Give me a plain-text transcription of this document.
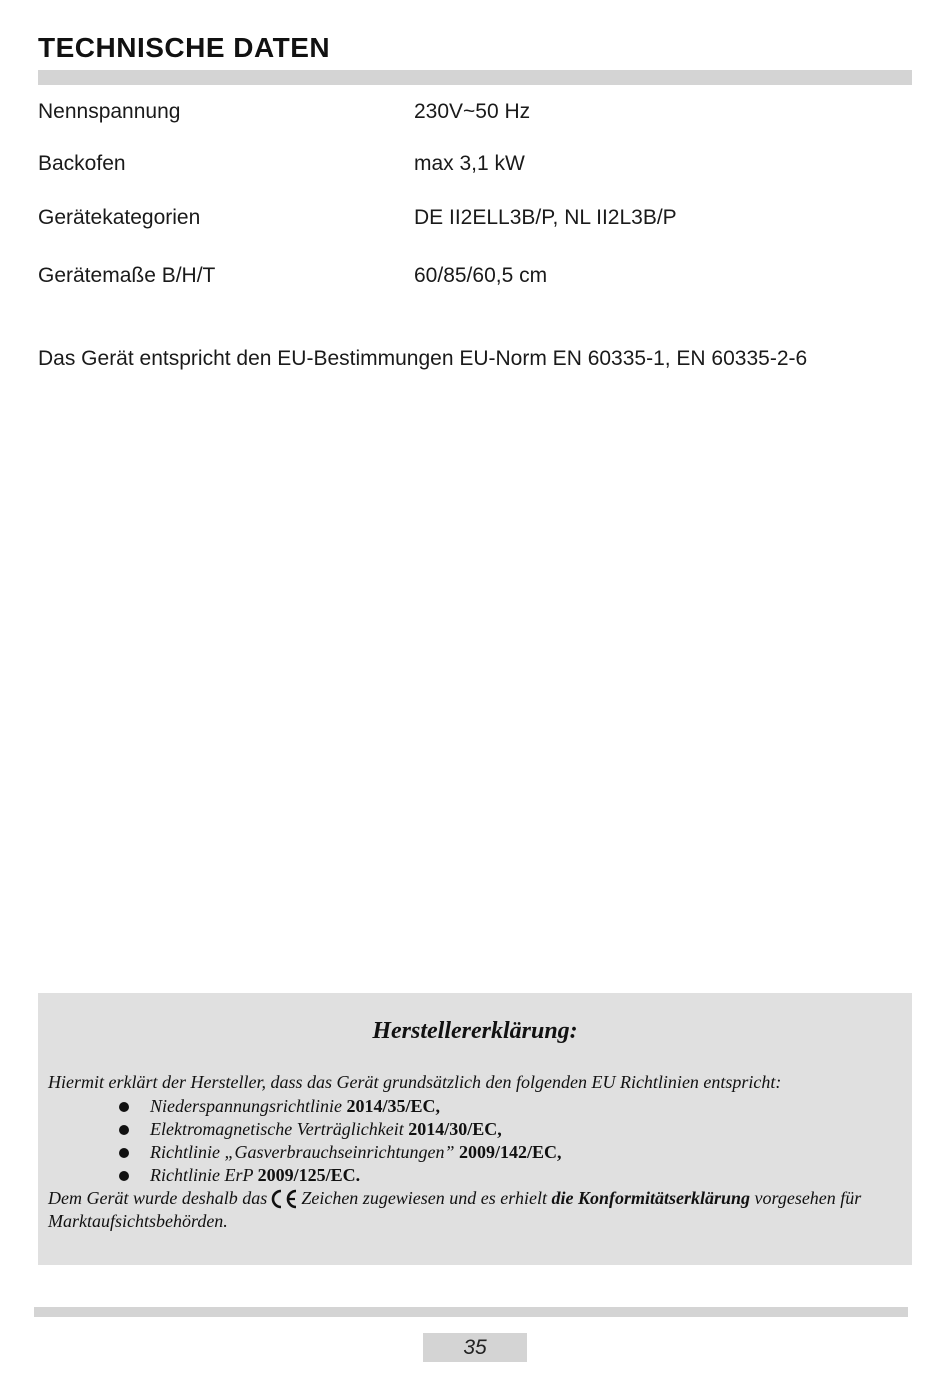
TECHNISCHE DATEN
Nennspannung	230V~50 Hz
Backofen	max 3,1 kW
Gerätekategorien	DE II2ELL3B/P, NL II2L3B/P
Gerätemaße B/H/T	60/85/60,5 cm
Das Gerät entspricht den EU-Bestimmungen EU-Norm EN 60335-1, EN 60335-2-6
Herstellererklärung:
Hiermit erklärt der Hersteller, dass das Gerät grundsätzlich den folgenden EU Richtlinien entspricht:
Niederspannungsrichtlinie 2014/35/EC,
Elektromagnetische Verträglichkeit 2014/30/EC,
Richtlinie „Gasverbrauchseinrichtungen” 2009/142/EC,
Richtlinie ErP 2009/125/EC.
Dem Gerät wurde deshalb das Zeichen zugewiesen und es erhielt die Konformitätserklärung vorgesehen für Marktaufsichtsbehörden.
35
